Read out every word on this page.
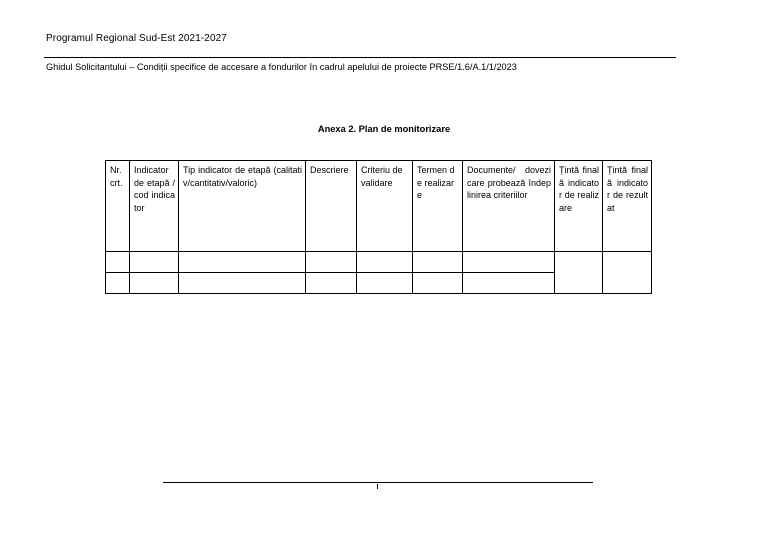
Programul Regional Sud-Est 2021-2027
Ghidul Solicitantului – Condiții specifice de accesare a fondurilor în cadrul apelului de proiecte PRSE/1.6/A.1/1/2023
Anexa 2. Plan de monitorizare
Nr. crt.	Indicator de etapă / cod indicator	Tip indicator de etapă (calitativ/cantitativ/valoric)	Descriere	Criteriu de validare	Termen de realizare	Documente/ dovezi care probează îndeplinirea criteriilor	Țintă finală indicator de realizare	Țintă finală indicator de rezultat
